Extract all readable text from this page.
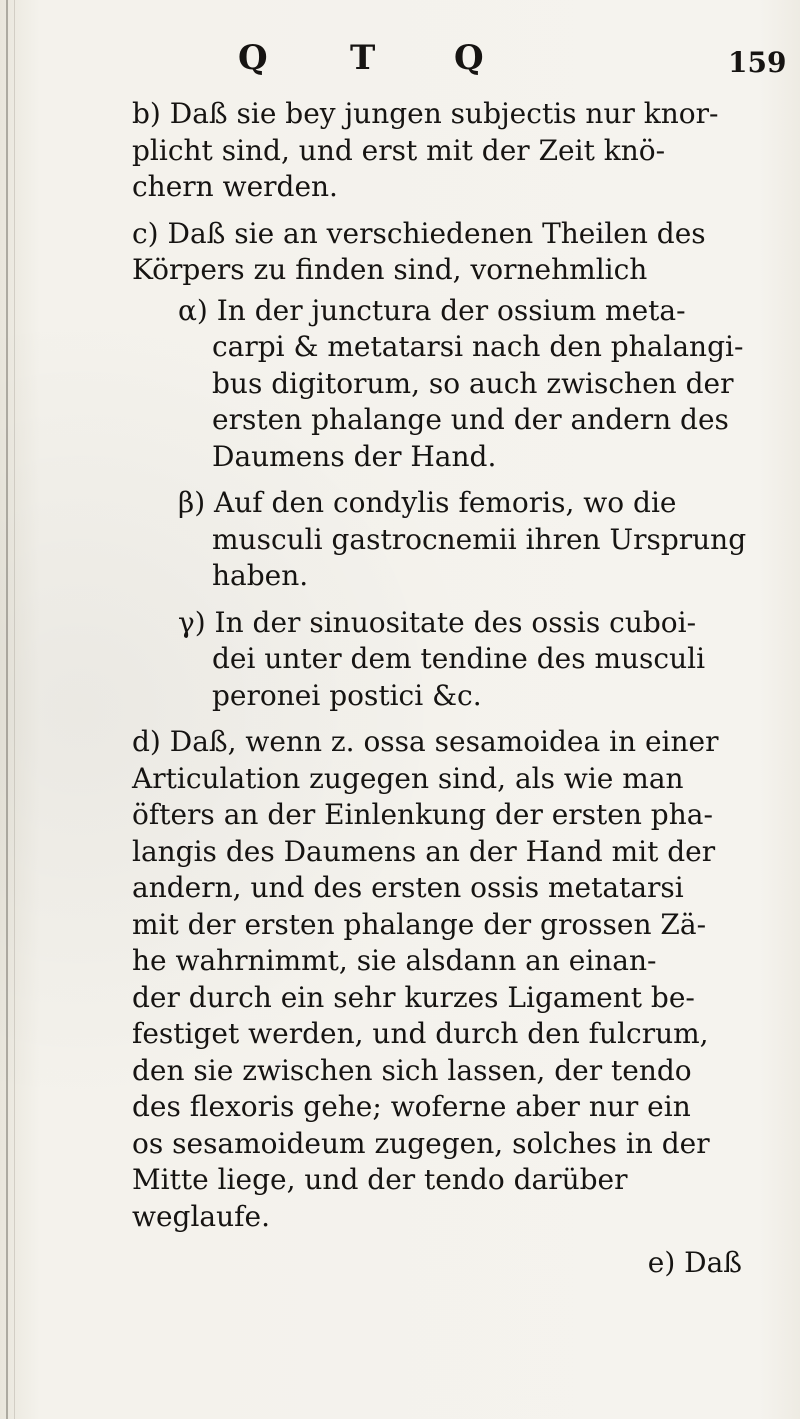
Q T Q	159
b) Daß sie bey jungen subjectis nur knor-
plicht sind, und erst mit der Zeit knö-
chern werden.
c) Daß sie an verschiedenen Theilen des
Körpers zu finden sind, vornehmlich
α) In der junctura der ossium meta-
carpi & metatarsi nach den phalangi-
bus digitorum, so auch zwischen der
ersten phalange und der andern des
Daumens der Hand.
β) Auf den condylis femoris, wo die
musculi gastrocnemii ihren Ursprung
haben.
γ) In der sinuositate des ossis cuboi-
dei unter dem tendine des musculi
peronei postici &c.
d) Daß, wenn z. ossa sesamoidea in einer
Articulation zugegen sind, als wie man
öfters an der Einlenkung der ersten pha-
langis des Daumens an der Hand mit der
andern, und des ersten ossis metatarsi
mit der ersten phalange der grossen Zä-
he wahrnimmt, sie alsdann an einan-
der durch ein sehr kurzes Ligament be-
festiget werden, und durch den fulcrum,
den sie zwischen sich lassen, der tendo
des flexoris gehe; woferne aber nur ein
os sesamoideum zugegen, solches in der
Mitte liege, und der tendo darüber
weglaufe.
e) Daß
